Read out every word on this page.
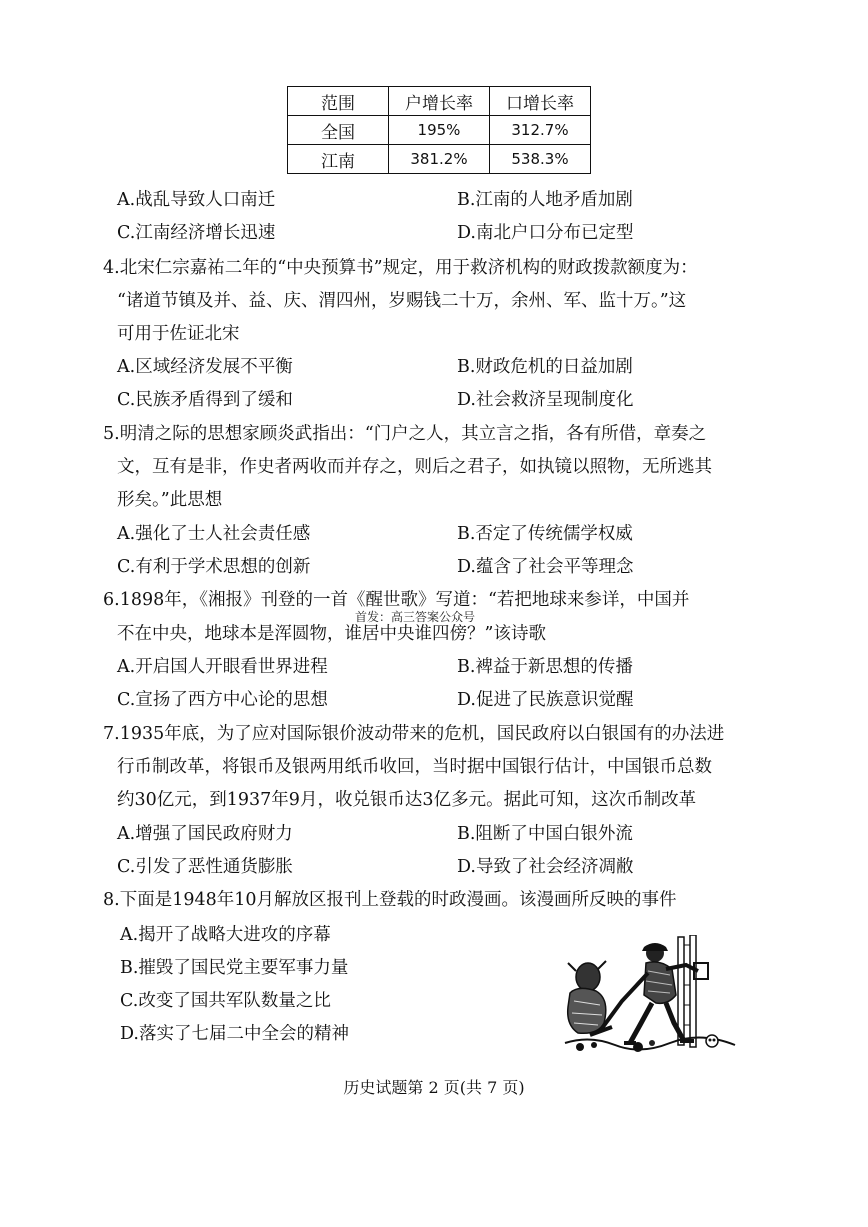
范围	户增长率	口增长率
全国	195%	312.7%
江南	381.2%	538.3%
A.战乱导致人口南迁	B.江南的人地矛盾加剧
C.江南经济增长迅速	D.南北户口分布已定型
4.北宋仁宗嘉祐二年的“中央预算书”规定，用于救济机构的财政拨款额度为：
“诸道节镇及并、益、庆、渭四州，岁赐钱二十万，余州、军、监十万。”这
可用于佐证北宋
A.区域经济发展不平衡	B.财政危机的日益加剧
C.民族矛盾得到了缓和	D.社会救济呈现制度化
5.明清之际的思想家顾炎武指出：“门户之人，其立言之指，各有所借，章奏之
文，互有是非，作史者两收而并存之，则后之君子，如执镜以照物，无所逃其
形矣。”此思想
A.强化了士人社会责任感	B.否定了传统儒学权威
C.有利于学术思想的创新	D.蕴含了社会平等理念
6.1898年，《湘报》刊登的一首《醒世歌》写道：“若把地球来参详，中国并
首发：高三答案公众号
不在中央，地球本是浑圆物，谁居中央谁四傍？”该诗歌
A.开启国人开眼看世界进程	B.裨益于新思想的传播
C.宣扬了西方中心论的思想	D.促进了民族意识觉醒
7.1935年底，为了应对国际银价波动带来的危机，国民政府以白银国有的办法进
行币制改革，将银币及银两用纸币收回，当时据中国银行估计，中国银币总数
约30亿元，到1937年9月，收兑银币达3亿多元。据此可知，这次币制改革
A.增强了国民政府财力	B.阻断了中国白银外流
C.引发了恶性通货膨胀	D.导致了社会经济凋敝
8.下面是1948年10月解放区报刊上登载的时政漫画。该漫画所反映的事件
A.揭开了战略大进攻的序幕
B.摧毁了国民党主要军事力量
C.改变了国共军队数量之比
D.落实了七届二中全会的精神
历史试题第 2 页(共 7 页)
